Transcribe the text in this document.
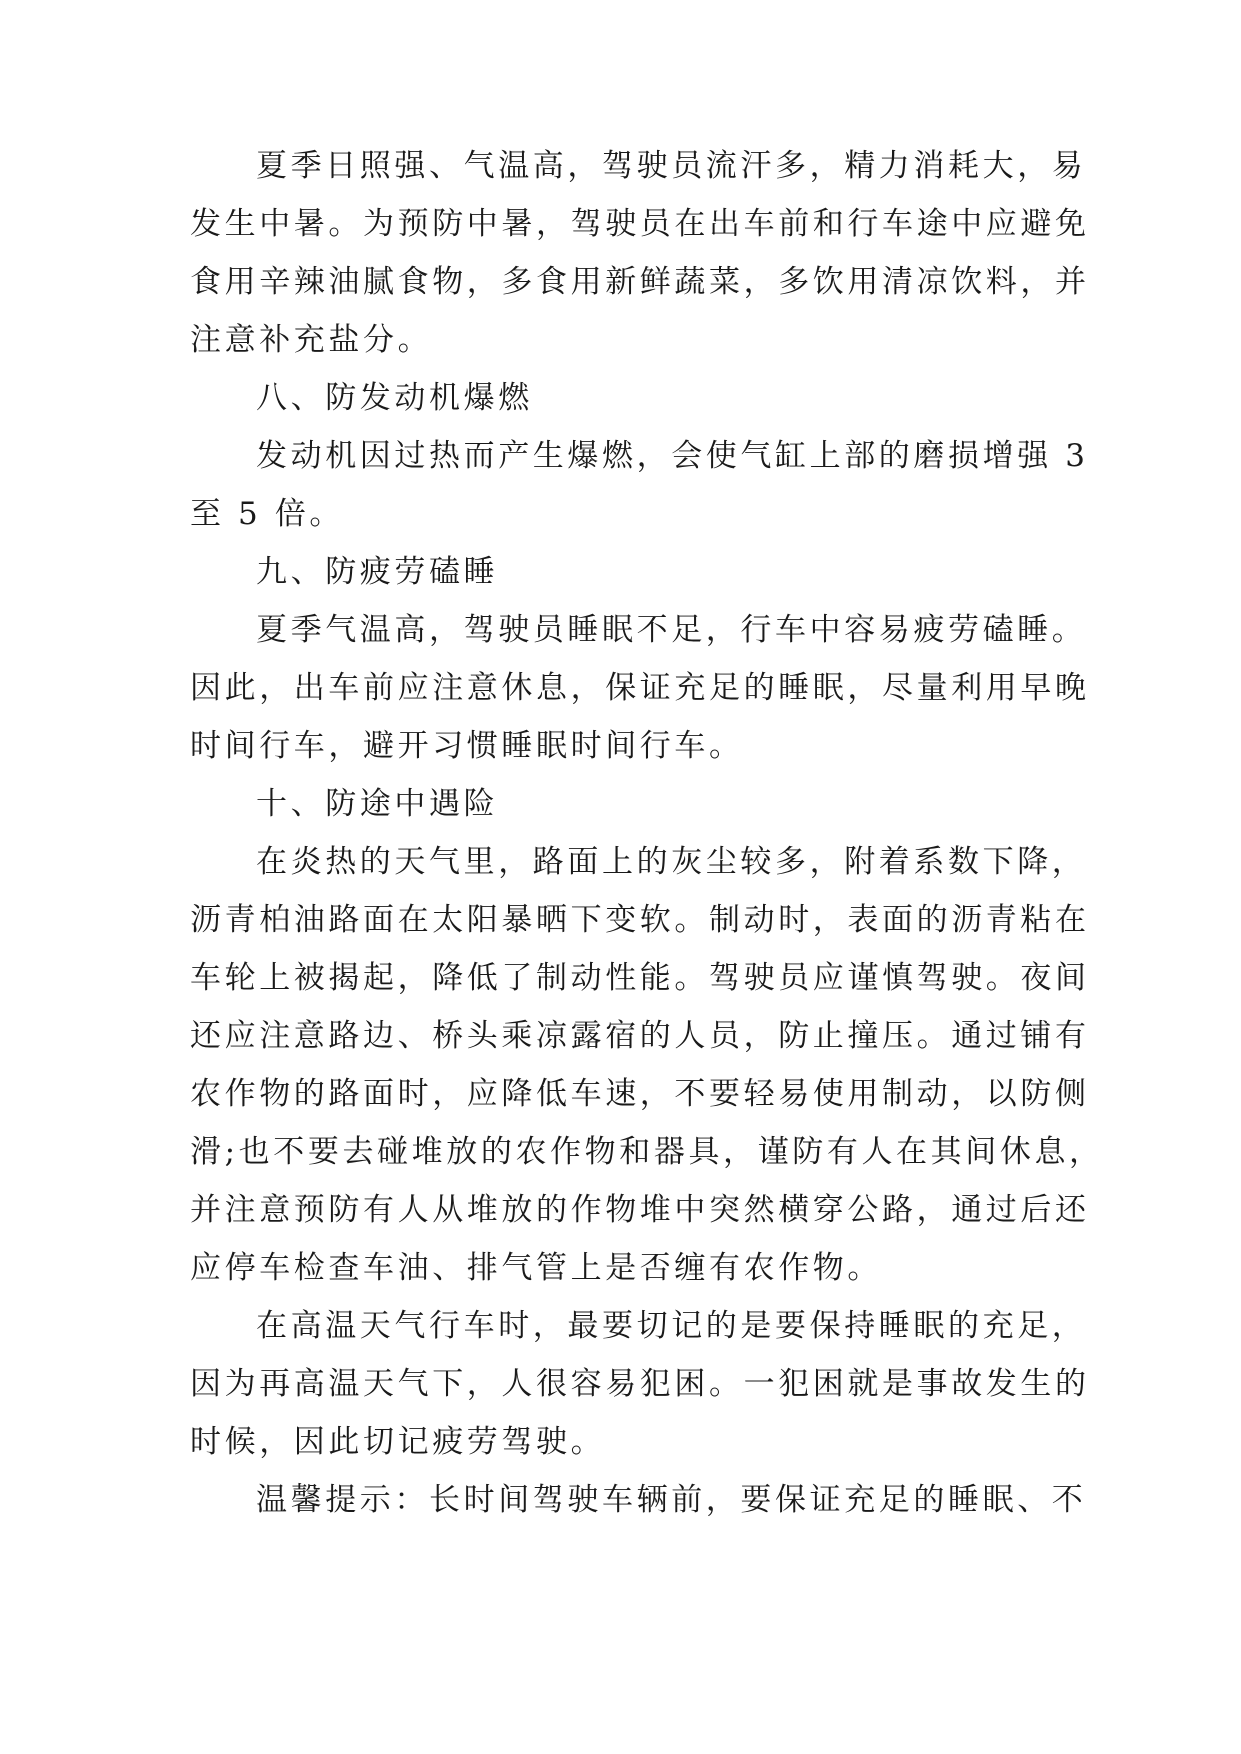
夏季日照强、气温高，驾驶员流汗多，精力消耗大，易
发生中暑。为预防中暑，驾驶员在出车前和行车途中应避免
食用辛辣油腻食物，多食用新鲜蔬菜，多饮用清凉饮料，并
注意补充盐分。
八、防发动机爆燃
发动机因过热而产生爆燃，会使气缸上部的磨损增强 3
至 5 倍。
九、防疲劳磕睡
夏季气温高，驾驶员睡眠不足，行车中容易疲劳磕睡。
因此，出车前应注意休息，保证充足的睡眠，尽量利用早晚
时间行车，避开习惯睡眠时间行车。
十、防途中遇险
在炎热的天气里，路面上的灰尘较多，附着系数下降，
沥青柏油路面在太阳暴晒下变软。制动时，表面的沥青粘在
车轮上被揭起，降低了制动性能。驾驶员应谨慎驾驶。夜间
还应注意路边、桥头乘凉露宿的人员，防止撞压。通过铺有
农作物的路面时，应降低车速，不要轻易使用制动，以防侧
滑;也不要去碰堆放的农作物和器具，谨防有人在其间休息，
并注意预防有人从堆放的作物堆中突然横穿公路，通过后还
应停车检查车油、排气管上是否缠有农作物。
在高温天气行车时，最要切记的是要保持睡眠的充足，
因为再高温天气下，人很容易犯困。一犯困就是事故发生的
时候，因此切记疲劳驾驶。
温馨提示：长时间驾驶车辆前，要保证充足的睡眠、不
